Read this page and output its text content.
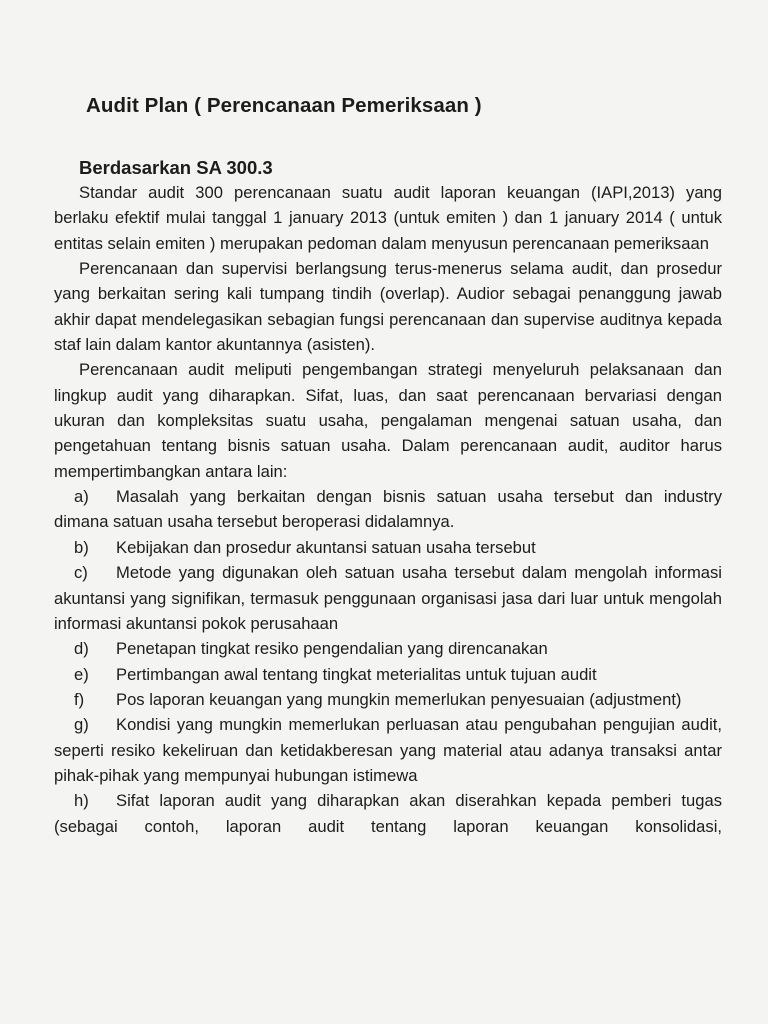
Audit Plan ( Perencanaan Pemeriksaan )
Berdasarkan SA 300.3

Standar audit 300 perencanaan suatu audit laporan keuangan (IAPI,2013) yang berlaku efektif mulai tanggal 1 january 2013 (untuk emiten ) dan 1 january 2014 ( untuk entitas selain emiten ) merupakan pedoman dalam menyusun perencanaan pemeriksaan

Perencanaan dan supervisi berlangsung terus-menerus selama audit, dan prosedur yang berkaitan sering kali tumpang tindih (overlap). Audior sebagai penanggung jawab akhir dapat mendelegasikan sebagian fungsi perencanaan dan supervise auditnya kepada staf lain dalam kantor akuntannya (asisten).

Perencanaan audit meliputi pengembangan strategi menyeluruh pelaksanaan dan lingkup audit yang diharapkan. Sifat, luas, dan saat perencanaan bervariasi dengan ukuran dan kompleksitas suatu usaha, pengalaman mengenai satuan usaha, dan pengetahuan tentang bisnis satuan usaha. Dalam perencanaan audit, auditor harus mempertimbangkan antara lain:

a) Masalah yang berkaitan dengan bisnis satuan usaha tersebut dan industry dimana satuan usaha tersebut beroperasi didalamnya.

b) Kebijakan dan prosedur akuntansi satuan usaha tersebut

c) Metode yang digunakan oleh satuan usaha tersebut dalam mengolah informasi akuntansi yang signifikan, termasuk penggunaan organisasi jasa dari luar untuk mengolah informasi akuntansi pokok perusahaan

d) Penetapan tingkat resiko pengendalian yang direncanakan

e) Pertimbangan awal tentang tingkat meterialitas untuk tujuan audit

f) Pos laporan keuangan yang mungkin memerlukan penyesuaian (adjustment)

g) Kondisi yang mungkin memerlukan perluasan atau pengubahan pengujian audit, seperti resiko kekeliruan dan ketidakberesan yang material atau adanya transaksi antar pihak-pihak yang mempunyai hubungan istimewa

h) Sifat laporan audit yang diharapkan akan diserahkan kepada pemberi tugas (sebagai contoh, laporan audit tentang laporan keuangan konsolidasi,
